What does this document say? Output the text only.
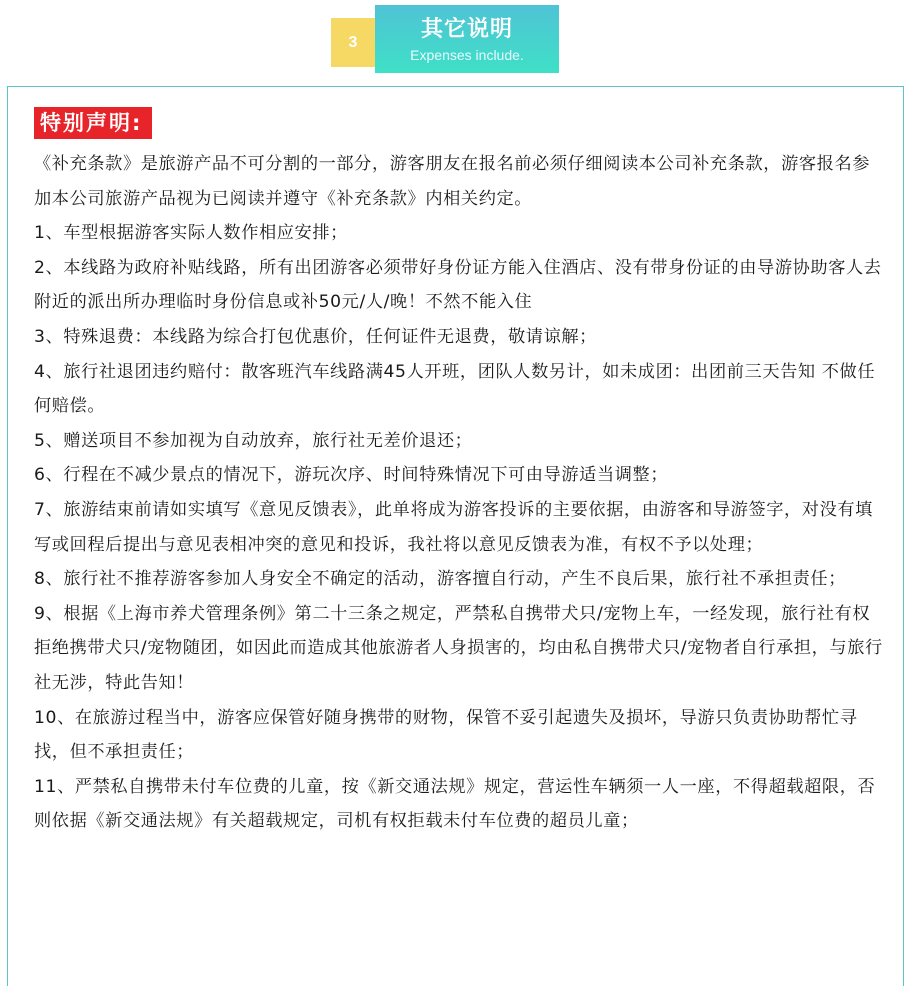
3	其它说明
Expenses include.
特别声明:

《补充条款》是旅游产品不可分割的一部分，游客朋友在报名前必须仔细阅读本公司补充条款，游客报名参加本公司旅游产品视为已阅读并遵守《补充条款》内相关约定。

1、车型根据游客实际人数作相应安排；

2、本线路为政府补贴线路，所有出团游客必须带好身份证方能入住酒店、没有带身份证的由导游协助客人去附近的派出所办理临时身份信息或补50元/人/晚！不然不能入住

3、特殊退费：本线路为综合打包优惠价，任何证件无退费，敬请谅解；

4、旅行社退团违约赔付：散客班汽车线路满45人开班，团队人数另计，如未成团：出团前三天告知 不做任何赔偿。

5、赠送项目不参加视为自动放弃，旅行社无差价退还；

6、行程在不减少景点的情况下，游玩次序、时间特殊情况下可由导游适当调整；

7、旅游结束前请如实填写《意见反馈表》，此单将成为游客投诉的主要依据，由游客和导游签字，对没有填写或回程后提出与意见表相冲突的意见和投诉，我社将以意见反馈表为准，有权不予以处理；

8、旅行社不推荐游客参加人身安全不确定的活动，游客擅自行动，产生不良后果，旅行社不承担责任；

9、根据《上海市养犬管理条例》第二十三条之规定，严禁私自携带犬只/宠物上车，一经发现，旅行社有权拒绝携带犬只/宠物随团，如因此而造成其他旅游者人身损害的，均由私自携带犬只/宠物者自行承担，与旅行社无涉，特此告知！

10、在旅游过程当中，游客应保管好随身携带的财物，保管不妥引起遗失及损坏，导游只负责协助帮忙寻找，但不承担责任；

11、严禁私自携带未付车位费的儿童，按《新交通法规》规定，营运性车辆须一人一座，不得超载超限，否则依据《新交通法规》有关超载规定，司机有权拒载未付车位费的超员儿童；
